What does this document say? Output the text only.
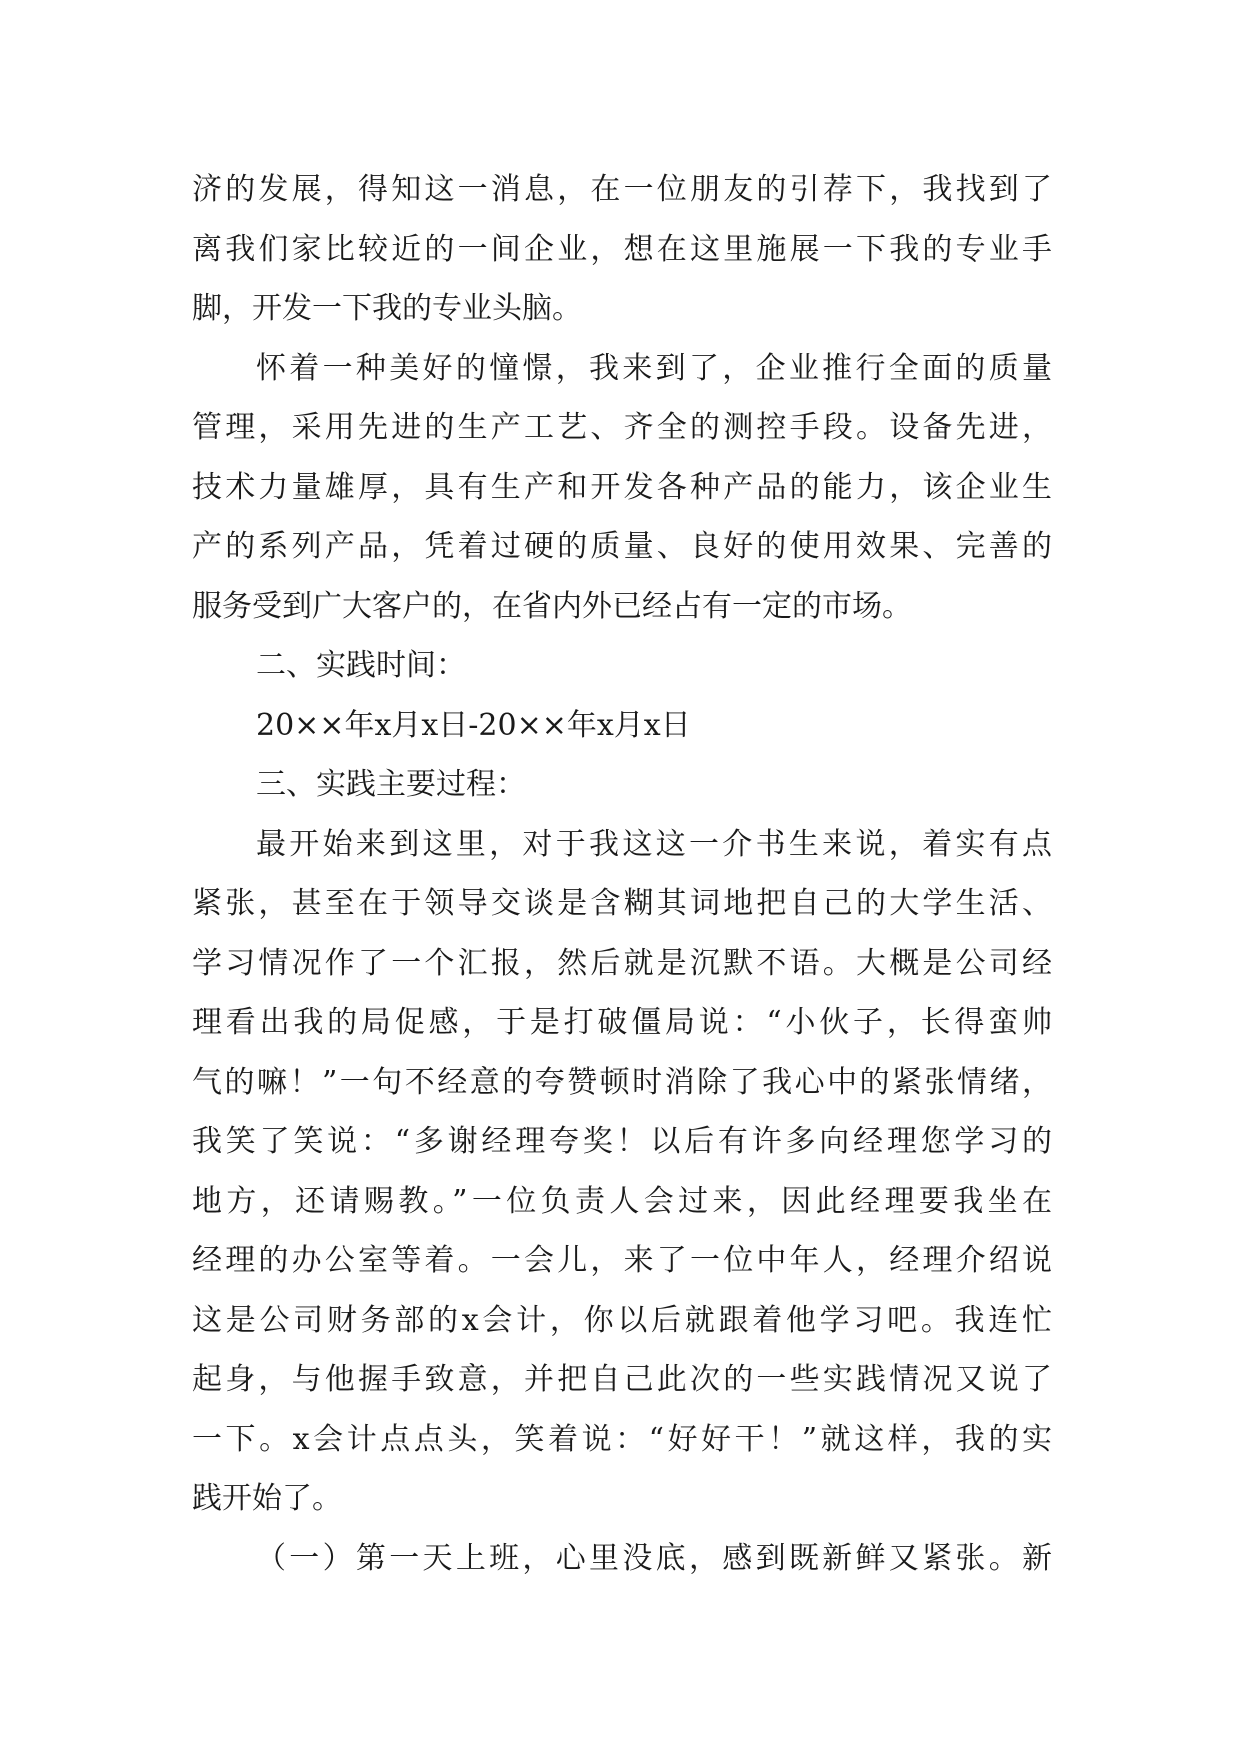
济的发展，得知这一消息，在一位朋友的引荐下，我找到了
离我们家比较近的一间企业，想在这里施展一下我的专业手
脚，开发一下我的专业头脑。
怀着一种美好的憧憬，我来到了，企业推行全面的质量
管理，采用先进的生产工艺、齐全的测控手段。设备先进，
技术力量雄厚，具有生产和开发各种产品的能力，该企业生
产的系列产品，凭着过硬的质量、良好的使用效果、完善的
服务受到广大客户的，在省内外已经占有一定的市场。
二、实践时间：
20××年x月x日-20××年x月x日
三、实践主要过程：
最开始来到这里，对于我这这一介书生来说，着实有点
紧张，甚至在于领导交谈是含糊其词地把自己的大学生活、
学习情况作了一个汇报，然后就是沉默不语。大概是公司经
理看出我的局促感，于是打破僵局说：“小伙子，长得蛮帅
气的嘛！”一句不经意的夸赞顿时消除了我心中的紧张情绪，
我笑了笑说：“多谢经理夸奖！以后有许多向经理您学习的
地方，还请赐教。”一位负责人会过来，因此经理要我坐在
经理的办公室等着。一会儿，来了一位中年人，经理介绍说
这是公司财务部的x会计，你以后就跟着他学习吧。我连忙
起身，与他握手致意，并把自己此次的一些实践情况又说了
一下。x会计点点头，笑着说：“好好干！”就这样，我的实
践开始了。
（一）第一天上班，心里没底，感到既新鲜又紧张。新
